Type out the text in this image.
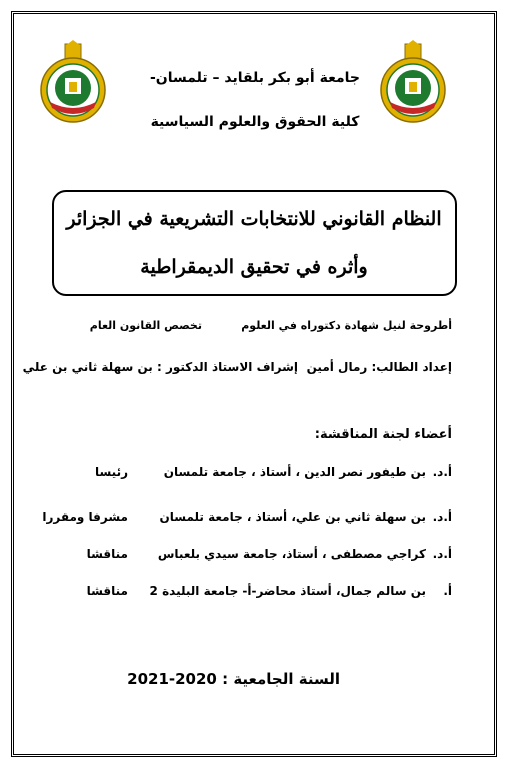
جامعة أبو بكر بلقايد – تلمسان-
كلية الحقوق والعلوم السياسية
النظام القانوني للانتخابات التشريعية في الجزائر
وأثره في تحقيق الديمقراطية
أطروحة لنيل شهادة دكتوراه في العلوم
تخصص القانون العام
إعداد الطالب: رمال أمين
إشراف الاستاذ الدكتور : بن سهلة ثاني بن علي
أعضاء لجنة المناقشة:
أ.د.
بن طيفور نصر الدين ، أستاذ ، جامعة تلمسان
رئيسا
أ.د.
بن سهلة ثاني بن علي، أستاذ ، جامعة تلمسان
مشرفا ومقررا
أ.د.
كراجي مصطفى ، أستاذ، جامعة سيدي بلعباس
مناقشا
أ.
بن سالم جمال، أستاذ محاضر-أ- جامعة البليدة 2
مناقشا
السنة الجامعية : 2020-2021
